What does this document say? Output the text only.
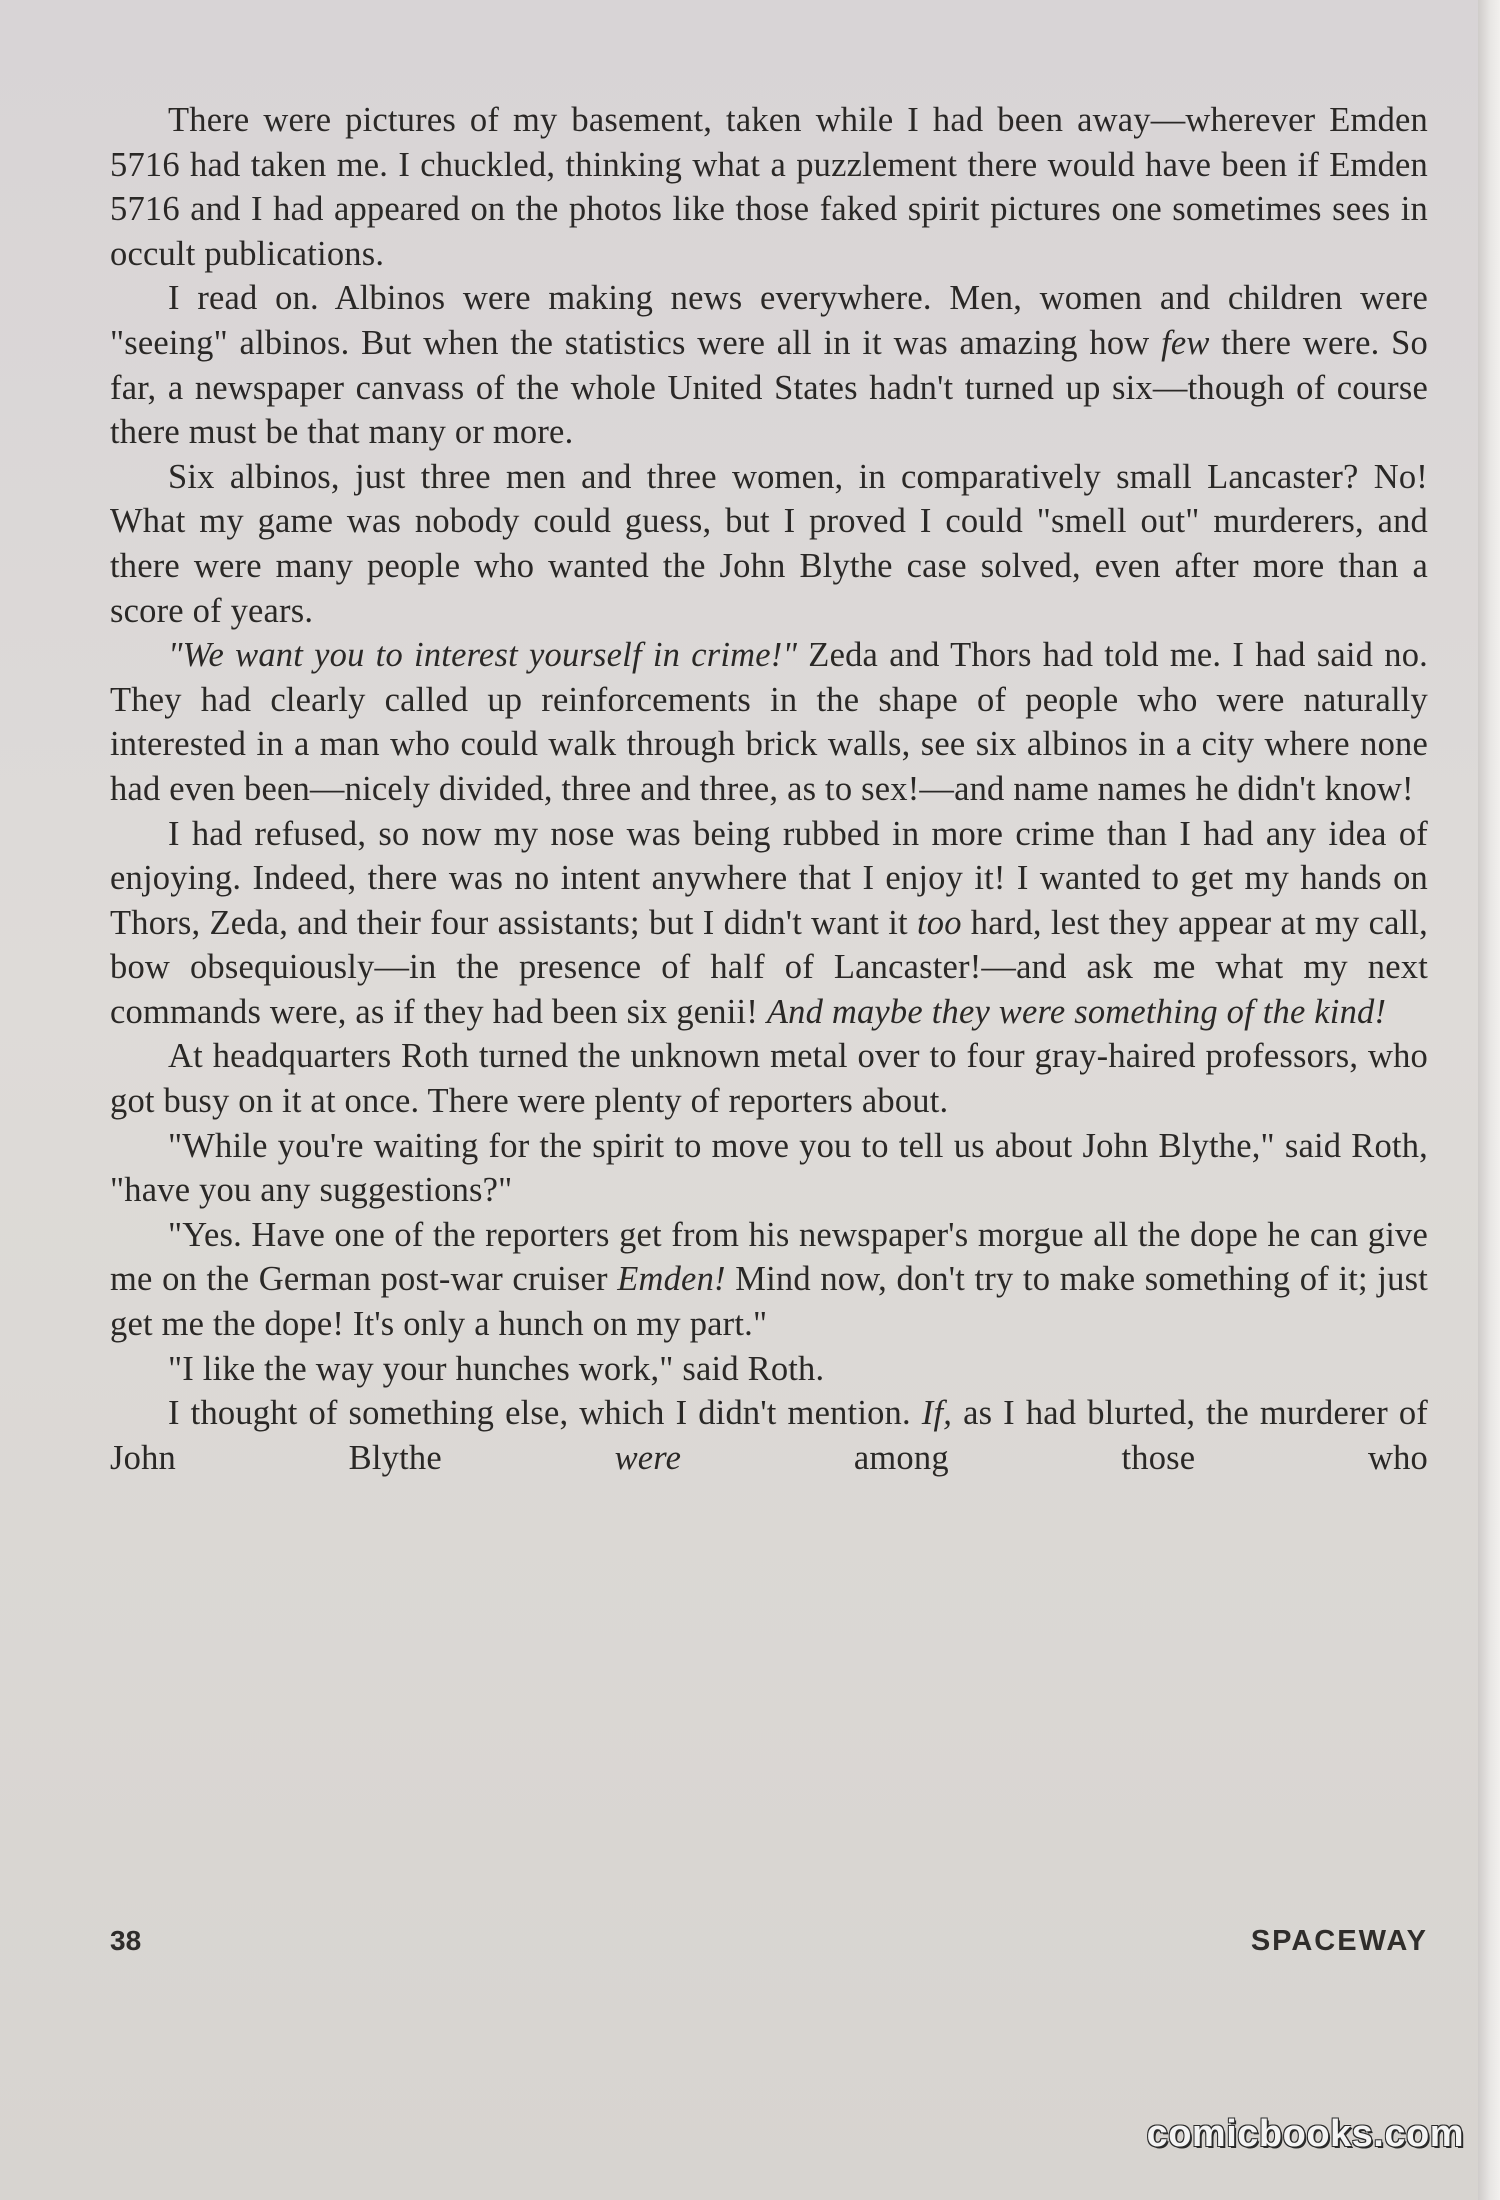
There were pictures of my basement, taken while I had been away—wherever Emden 5716 had taken me. I chuckled, thinking what a puzzlement there would have been if Emden 5716 and I had appeared on the photos like those faked spirit pictures one sometimes sees in occult publications.

I read on. Albinos were making news everywhere. Men, women and children were "seeing" albinos. But when the statistics were all in it was amazing how few there were. So far, a newspaper canvass of the whole United States hadn't turned up six—though of course there must be that many or more.

Six albinos, just three men and three women, in comparatively small Lancaster? No! What my game was nobody could guess, but I proved I could "smell out" murderers, and there were many people who wanted the John Blythe case solved, even after more than a score of years.

"We want you to interest yourself in crime!" Zeda and Thors had told me. I had said no. They had clearly called up reinforcements in the shape of people who were naturally interested in a man who could walk through brick walls, see six albinos in a city where none had even been—nicely divided, three and three, as to sex!—and name names he didn't know!

I had refused, so now my nose was being rubbed in more crime than I had any idea of enjoying. Indeed, there was no intent anywhere that I enjoy it! I wanted to get my hands on Thors, Zeda, and their four assistants; but I didn't want it too hard, lest they appear at my call, bow obsequiously—in the presence of half of Lancaster!—and ask me what my next commands were, as if they had been six genii! And maybe they were something of the kind!

At headquarters Roth turned the unknown metal over to four gray-haired professors, who got busy on it at once. There were plenty of reporters about.

"While you're waiting for the spirit to move you to tell us about John Blythe," said Roth, "have you any suggestions?"

"Yes. Have one of the reporters get from his newspaper's morgue all the dope he can give me on the German post-war cruiser Emden! Mind now, don't try to make something of it; just get me the dope! It's only a hunch on my part."

"I like the way your hunches work," said Roth.

I thought of something else, which I didn't mention. If, as I had blurted, the murderer of John Blythe were among those who

38	SPACEWAY
comicbooks.com
